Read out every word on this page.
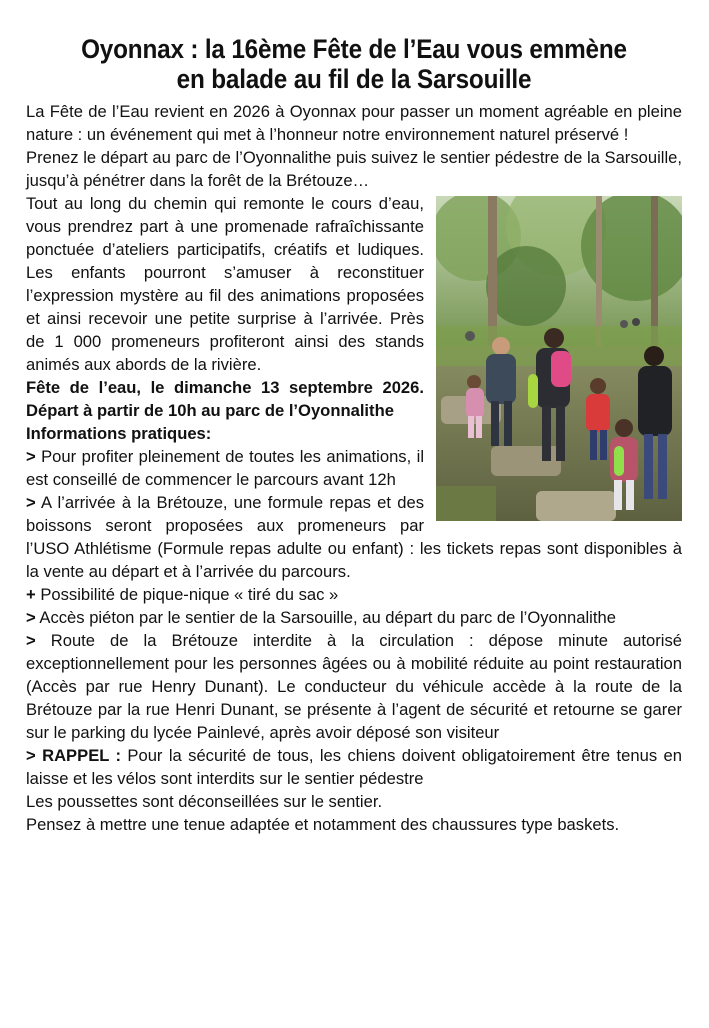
Oyonnax : la 16ème Fête de l’Eau vous emmène
en balade au fil de la Sarsouille

La Fête de l’Eau revient en 2026 à Oyonnax pour passer un moment agréable en pleine nature : un événement qui met à l’honneur notre environnement naturel préservé !

Prenez le départ au parc de l’Oyonnalithe puis suivez le sentier pédestre de la Sarsouille, jusqu’à pénétrer dans la forêt de la Brétouze…

Tout au long du chemin qui remonte le cours d’eau, vous prendrez part à une promenade rafraîchissante ponctuée d’ateliers participatifs, créatifs et ludiques. Les enfants pourront s’amuser à reconstituer l’expression mystère au fil des animations proposées et ainsi recevoir une petite surprise à l’arrivée. Près de 1 000 promeneurs profiteront ainsi des stands animés aux abords de la rivière.

Fête de l’eau, le dimanche 13 septembre 2026. Départ à partir de 10h au parc de l’Oyonnalithe

Informations pratiques:

> Pour profiter pleinement de toutes les animations, il est conseillé de commencer le parcours avant 12h

> A l’arrivée à la Brétouze, une formule repas et des boissons seront proposées aux promeneurs par l’USO Athlétisme (Formule repas adulte ou enfant) : les tickets repas sont disponibles à la vente au départ et à l’arrivée du parcours.

+ Possibilité de pique-nique « tiré du sac »

> Accès piéton par le sentier de la Sarsouille, au départ du parc de l’Oyonnalithe

> Route de la Brétouze interdite à la circulation : dépose minute autorisé exceptionnellement pour les personnes âgées ou à mobilité réduite au point restauration (Accès par rue Henry Dunant). Le conducteur du véhicule accède à la route de la Brétouze par la rue Henri Dunant, se présente à l’agent de sécurité et retourne se garer sur le parking du lycée Painlevé, après avoir déposé son visiteur

> RAPPEL : Pour la sécurité de tous, les chiens doivent obligatoirement être tenus en laisse et les vélos sont interdits sur le sentier pédestre

Les poussettes sont déconseillées sur le sentier.

Pensez à mettre une tenue adaptée et notamment des chaussures type baskets.
